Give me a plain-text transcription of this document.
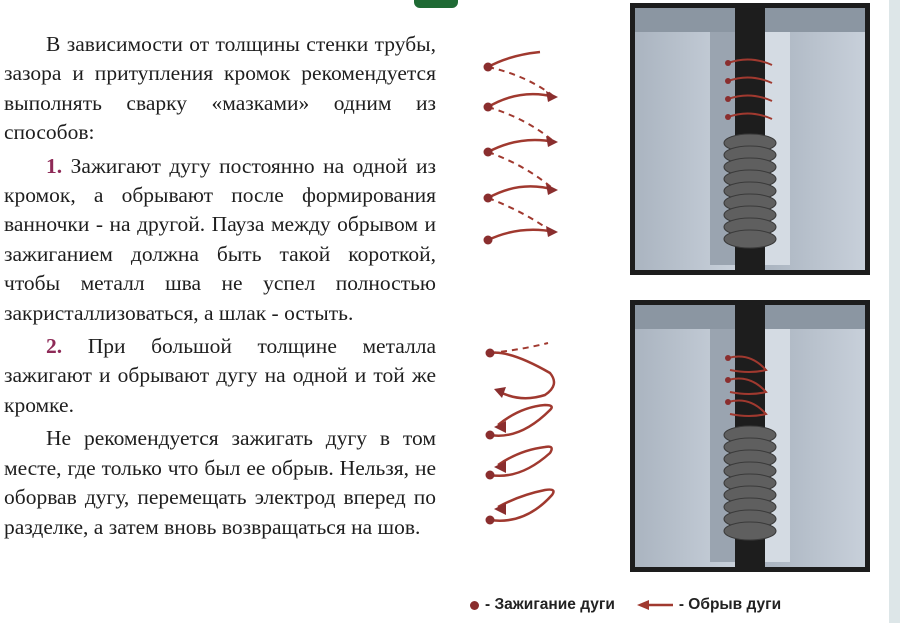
В зависимости от толщины стенки трубы, зазора и притупления кромок рекомендуется выполнять сварку «мазками» одним из способов:

1. Зажигают дугу постоянно на одной из кромок, а обрывают после формирования ванночки - на другой. Пауза между обрывом и зажиганием должна быть такой короткой, чтобы металл шва не успел полностью закристаллизоваться, а шлак - остыть.

2. При большой толщине металла зажигают и обрывают дугу на одной и той же кромке.

Не рекомендуется зажигать дугу в том месте, где только что был ее обрыв. Нельзя, не оборвав дугу, перемещать электрод вперед по разделке, а затем вновь возвращаться на шов.

- Зажигание дуги	- Обрыв дуги
